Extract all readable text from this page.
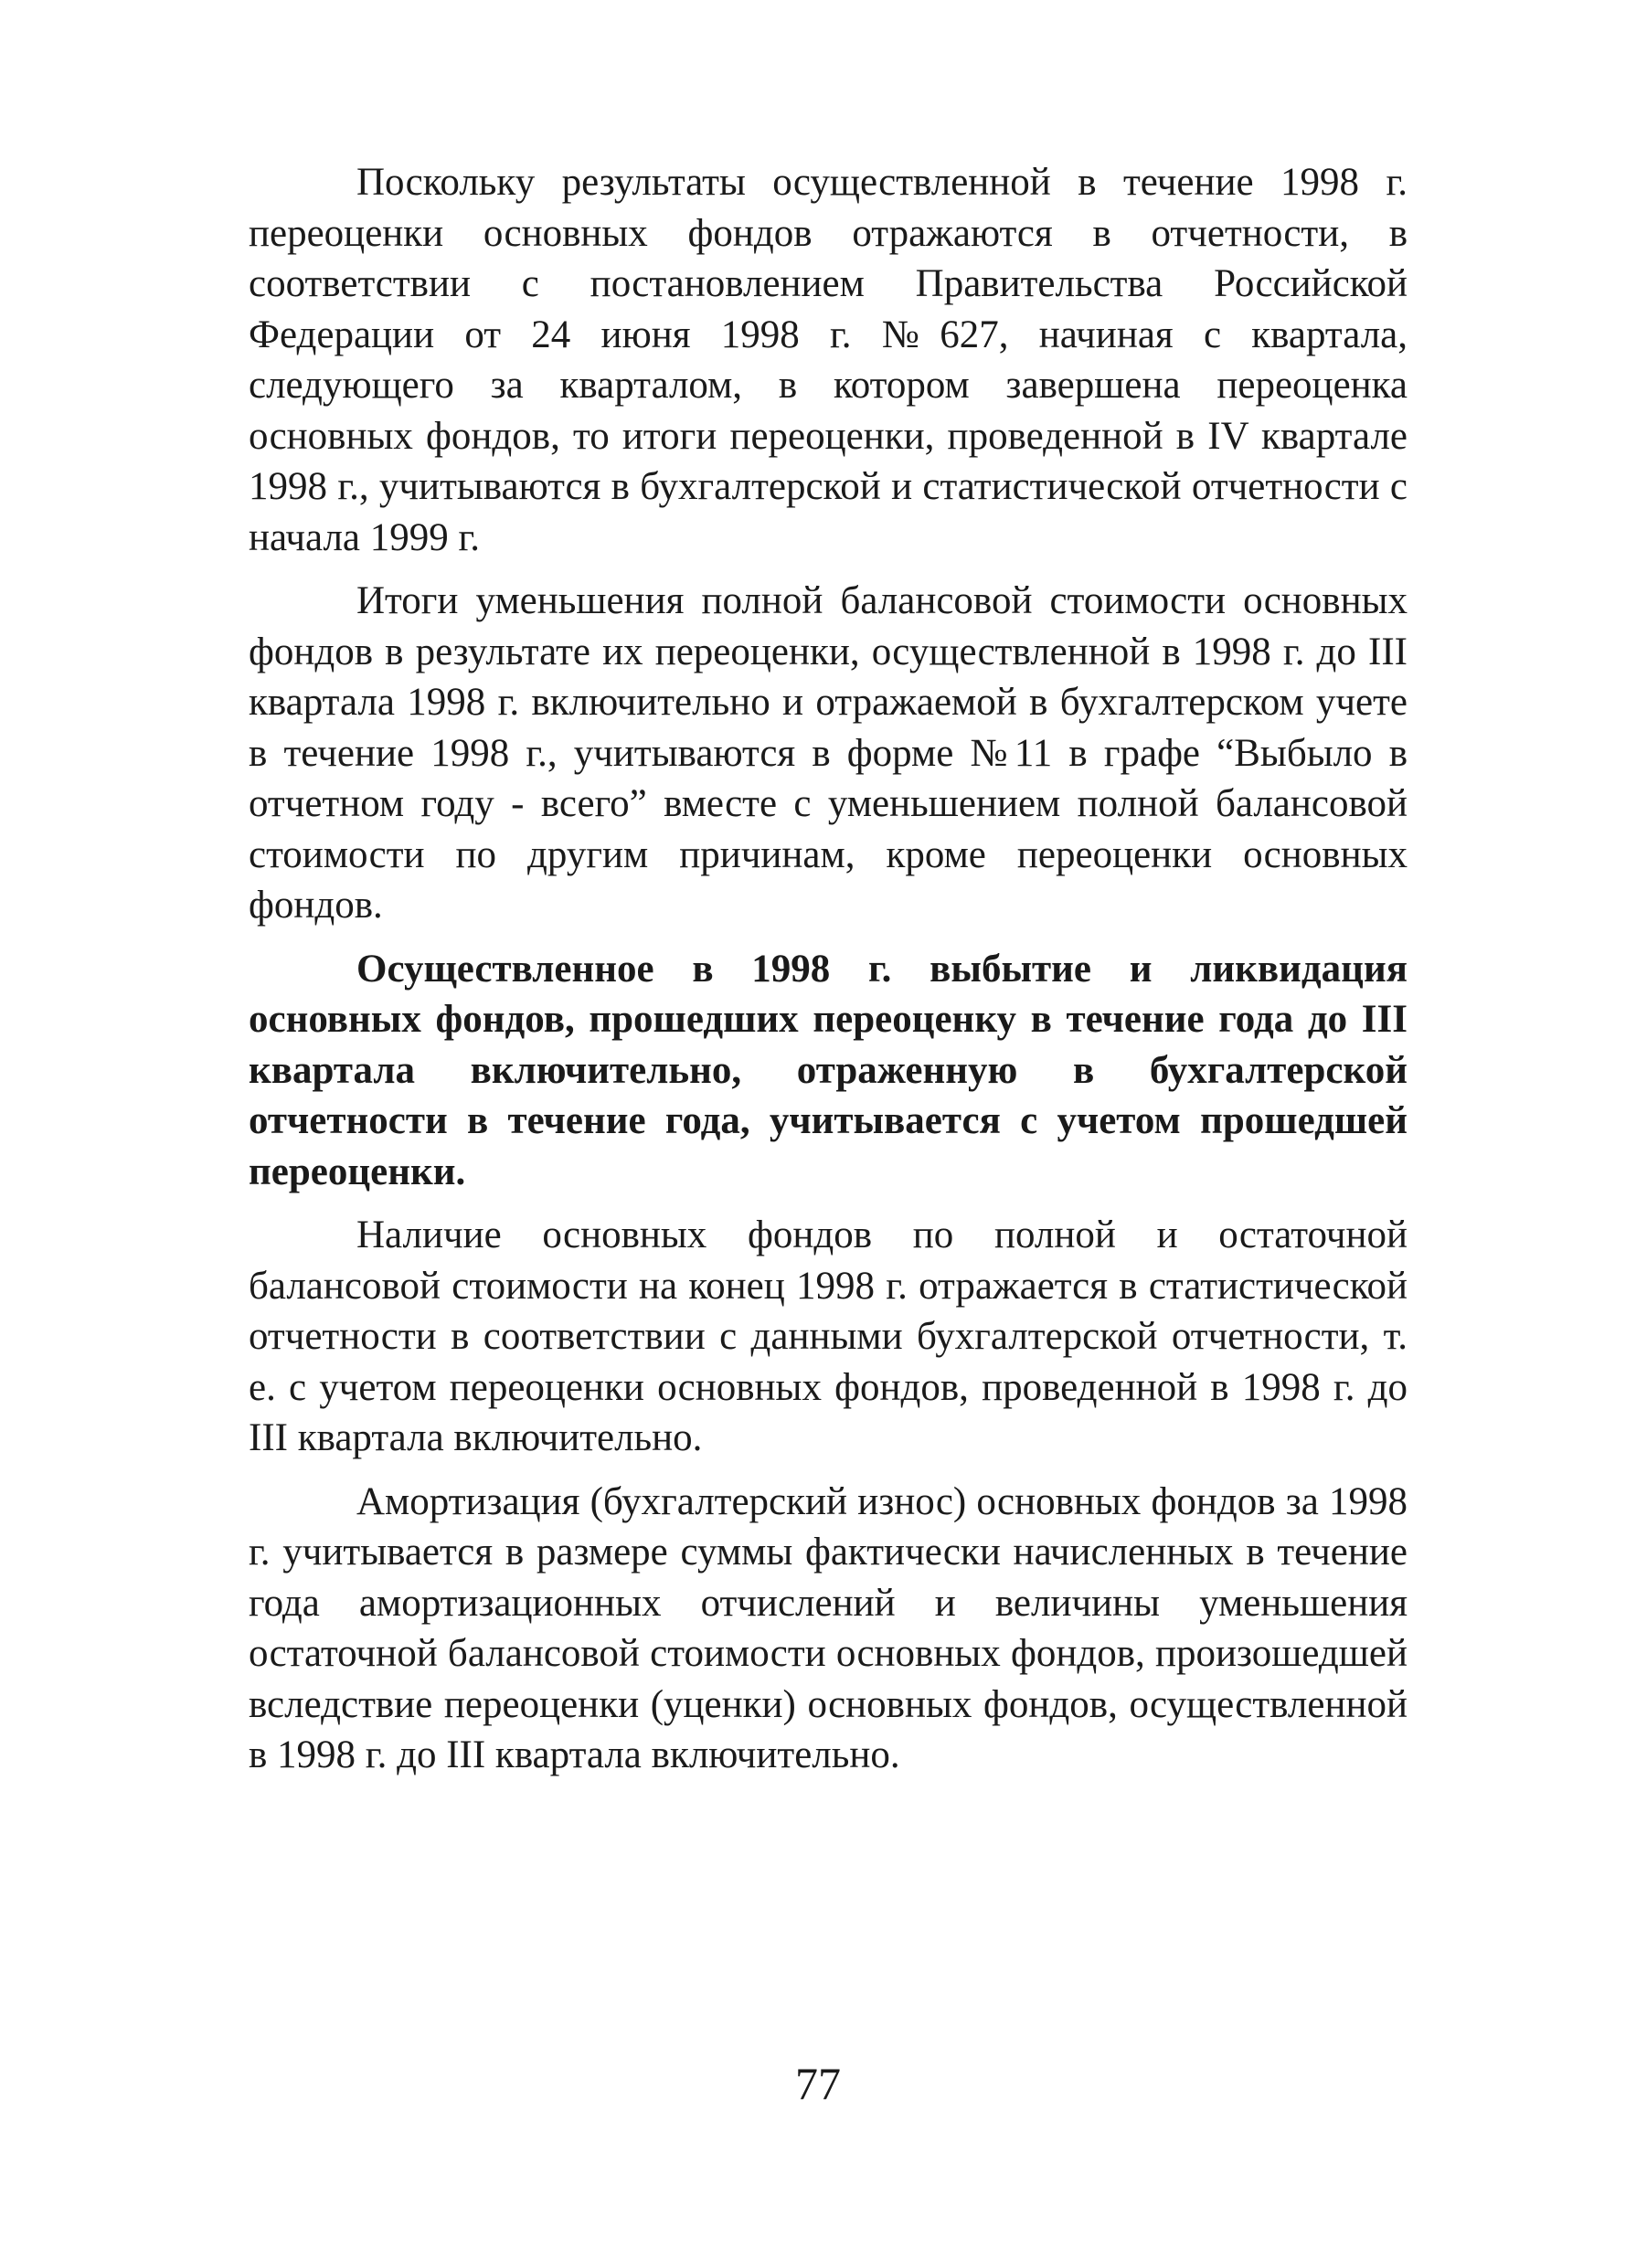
Поскольку результаты осуществленной в течение 1998 г. переоценки основных фондов отражаются в отчетности, в соответствии с постановлением Правительства Российской Федерации от 24 июня 1998 г. №627, начиная с квартала, следующего за кварталом, в котором завершена переоценка основных фондов, то итоги переоценки, проведенной в IV квартале 1998 г., учитываются в бухгалтерской и статистической отчетности с начала 1999 г.

Итоги уменьшения полной балансовой стоимости основных фондов в результате их переоценки, осуществленной в 1998 г. до III квартала 1998 г. включительно и отражаемой в бухгалтерском учете в течение 1998 г., учитываются в форме №11 в графе “Выбыло в отчетном году - всего” вместе с уменьшением полной балансовой стоимости по другим причинам, кроме переоценки основных фондов.

Осуществленное в 1998 г. выбытие и ликвидация основных фондов, прошедших переоценку в течение года до III квартала включительно, отраженную в бухгалтерской отчетности в течение года, учитывается с учетом прошедшей переоценки.

Наличие основных фондов по полной и остаточной балансовой стоимости на конец 1998 г. отражается в статистической отчетности в соответствии с данными бухгалтерской отчетности, т. е. с учетом переоценки основных фондов, проведенной в 1998 г. до III квартала включительно.

Амортизация (бухгалтерский износ) основных фондов за 1998 г. учитывается в размере суммы фактически начисленных в течение года амортизационных отчислений и величины уменьшения остаточной балансовой стоимости основных фондов, произошедшей вследствие переоценки (уценки) основных фондов, осуществленной в 1998 г. до III квартала включительно.

77
